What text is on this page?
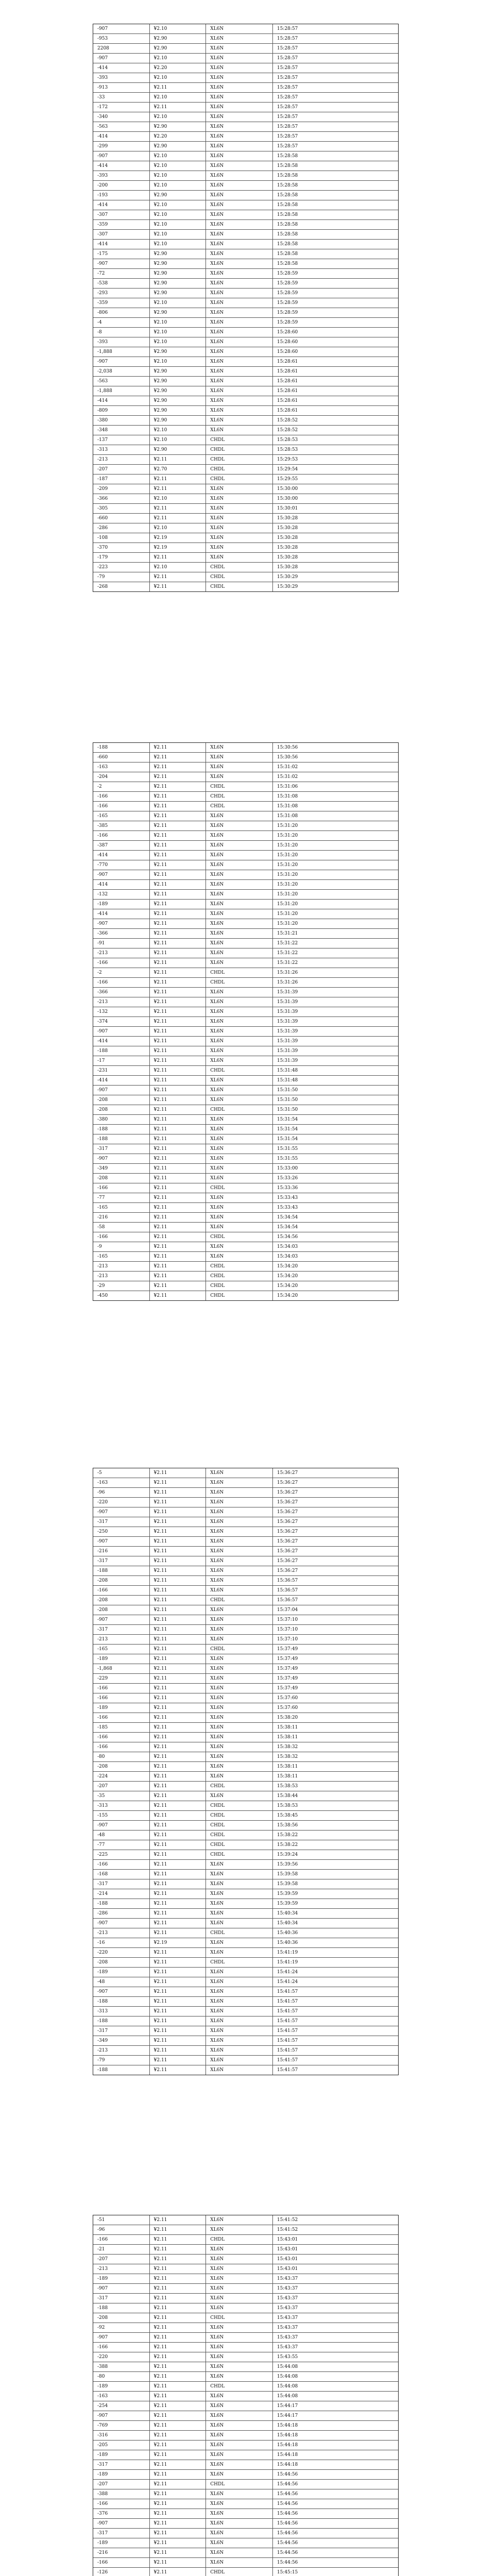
-907	¥2.10	XL6N	15:28:57
-953	¥2.90	XL6N	15:28:57
2208	¥2.90	XL6N	15:28:57
-907	¥2.10	XL6N	15:28:57
-414	¥2.20	XL6N	15:28:57
-393	¥2.10	XL6N	15:28:57
-913	¥2.11	XL6N	15:28:57
-33	¥2.10	XL6N	15:28:57
-172	¥2.11	XL6N	15:28:57
-340	¥2.10	XL6N	15:28:57
-563	¥2.90	XL6N	15:28:57
-414	¥2.20	XL6N	15:28:57
-299	¥2.90	XL6N	15:28:57
-907	¥2.10	XL6N	15:28:58
-414	¥2.10	XL6N	15:28:58
-393	¥2.10	XL6N	15:28:58
-200	¥2.10	XL6N	15:28:58
-193	¥2.90	XL6N	15:28:58
-414	¥2.10	XL6N	15:28:58
-307	¥2.10	XL6N	15:28:58
-359	¥2.10	XL6N	15:28:58
-307	¥2.10	XL6N	15:28:58
-414	¥2.10	XL6N	15:28:58
-175	¥2.90	XL6N	15:28:58
-907	¥2.90	XL6N	15:28:58
-72	¥2.90	XL6N	15:28:59
-538	¥2.90	XL6N	15:28:59
-293	¥2.90	XL6N	15:28:59
-359	¥2.10	XL6N	15:28:59
-806	¥2.90	XL6N	15:28:59
-4	¥2.10	XL6N	15:28:59
-8	¥2.10	XL6N	15:28:60
-393	¥2.10	XL6N	15:28:60
-1,888	¥2.90	XL6N	15:28:60
-907	¥2.10	XL6N	15:28:61
-2,038	¥2.90	XL6N	15:28:61
-563	¥2.90	XL6N	15:28:61
-1,888	¥2.90	XL6N	15:28:61
-414	¥2.90	XL6N	15:28:61
-809	¥2.90	XL6N	15:28:61
-380	¥2.90	XL6N	15:28:52
-348	¥2.10	XL6N	15:28:52
-137	¥2.10	CHDL	15:28:53
-313	¥2.90	CHDL	15:28:53
-213	¥2.11	CHDL	15:29:53
-207	¥2.70	CHDL	15:29:54
-187	¥2.11	CHDL	15:29:55
-209	¥2.11	XL6N	15:30:00
-366	¥2.10	XL6N	15:30:00
-305	¥2.11	XL6N	15:30:01
-660	¥2.11	XL6N	15:30:28
-286	¥2.10	XL6N	15:30:28
-108	¥2.19	XL6N	15:30:28
-370	¥2.19	XL6N	15:30:28
-179	¥2.11	XL6N	15:30:28
-223	¥2.10	CHDL	15:30:28
-79	¥2.11	CHDL	15:30:29
-268	¥2.11	CHDL	15:30:29
-188	¥2.11	XL6N	15:30:56
-660	¥2.11	XL6N	15:30:56
-163	¥2.11	XL6N	15:31:02
-204	¥2.11	XL6N	15:31:02
-2	¥2.11	CHDL	15:31:06
-166	¥2.11	CHDL	15:31:08
-166	¥2.11	CHDL	15:31:08
-165	¥2.11	XL6N	15:31:08
-385	¥2.11	XL6N	15:31:20
-166	¥2.11	XL6N	15:31:20
-387	¥2.11	XL6N	15:31:20
-414	¥2.11	XL6N	15:31:20
-770	¥2.11	XL6N	15:31:20
-907	¥2.11	XL6N	15:31:20
-414	¥2.11	XL6N	15:31:20
-132	¥2.11	XL6N	15:31:20
-189	¥2.11	XL6N	15:31:20
-414	¥2.11	XL6N	15:31:20
-907	¥2.11	XL6N	15:31:20
-366	¥2.11	XL6N	15:31:21
-91	¥2.11	XL6N	15:31:22
-213	¥2.11	XL6N	15:31:22
-166	¥2.11	XL6N	15:31:22
-2	¥2.11	CHDL	15:31:26
-166	¥2.11	CHDL	15:31:26
-366	¥2.11	XL6N	15:31:39
-213	¥2.11	XL6N	15:31:39
-132	¥2.11	XL6N	15:31:39
-374	¥2.11	XL6N	15:31:39
-907	¥2.11	XL6N	15:31:39
-414	¥2.11	XL6N	15:31:39
-188	¥2.11	XL6N	15:31:39
-17	¥2.11	XL6N	15:31:39
-231	¥2.11	CHDL	15:31:48
-414	¥2.11	XL6N	15:31:48
-907	¥2.11	XL6N	15:31:50
-208	¥2.11	XL6N	15:31:50
-208	¥2.11	CHDL	15:31:50
-380	¥2.11	XL6N	15:31:54
-188	¥2.11	XL6N	15:31:54
-188	¥2.11	XL6N	15:31:54
-317	¥2.11	XL6N	15:31:55
-907	¥2.11	XL6N	15:31:55
-349	¥2.11	XL6N	15:33:00
-208	¥2.11	XL6N	15:33:26
-166	¥2.11	CHDL	15:33:36
-77	¥2.11	XL6N	15:33:43
-165	¥2.11	XL6N	15:33:43
-216	¥2.11	XL6N	15:34:54
-58	¥2.11	XL6N	15:34:54
-166	¥2.11	CHDL	15:34:56
-9	¥2.11	XL6N	15:34:03
-165	¥2.11	XL6N	15:34:03
-213	¥2.11	CHDL	15:34:20
-213	¥2.11	CHDL	15:34:20
-29	¥2.11	CHDL	15:34:20
-450	¥2.11	CHDL	15:34:20
-5	¥2.11	XL6N	15:36:27
-163	¥2.11	XL6N	15:36:27
-96	¥2.11	XL6N	15:36:27
-220	¥2.11	XL6N	15:36:27
-907	¥2.11	XL6N	15:36:27
-317	¥2.11	XL6N	15:36:27
-250	¥2.11	XL6N	15:36:27
-907	¥2.11	XL6N	15:36:27
-216	¥2.11	XL6N	15:36:27
-317	¥2.11	XL6N	15:36:27
-188	¥2.11	XL6N	15:36:27
-208	¥2.11	XL6N	15:36:57
-166	¥2.11	XL6N	15:36:57
-208	¥2.11	CHDL	15:36:57
-208	¥2.11	XL6N	15:37:04
-907	¥2.11	XL6N	15:37:10
-317	¥2.11	XL6N	15:37:10
-213	¥2.11	XL6N	15:37:10
-165	¥2.11	CHDL	15:37:49
-189	¥2.11	XL6N	15:37:49
-1,868	¥2.11	XL6N	15:37:49
-229	¥2.11	XL6N	15:37:49
-166	¥2.11	XL6N	15:37:49
-166	¥2.11	XL6N	15:37:60
-189	¥2.11	XL6N	15:37:60
-166	¥2.11	XL6N	15:38:20
-185	¥2.11	XL6N	15:38:11
-166	¥2.11	XL6N	15:38:11
-166	¥2.11	XL6N	15:38:32
-80	¥2.11	XL6N	15:38:32
-208	¥2.11	XL6N	15:38:11
-224	¥2.11	XL6N	15:38:11
-207	¥2.11	CHDL	15:38:53
-35	¥2.11	XL6N	15:38:44
-313	¥2.11	CHDL	15:38:53
-155	¥2.11	CHDL	15:38:45
-907	¥2.11	CHDL	15:38:56
-48	¥2.11	CHDL	15:38:22
-77	¥2.11	CHDL	15:38:22
-225	¥2.11	CHDL	15:39:24
-166	¥2.11	XL6N	15:39:56
-168	¥2.11	XL6N	15:39:58
-317	¥2.11	XL6N	15:39:58
-214	¥2.11	XL6N	15:39:59
-188	¥2.11	XL6N	15:39:59
-286	¥2.11	XL6N	15:40:34
-907	¥2.11	XL6N	15:40:34
-213	¥2.11	CHDL	15:40:36
-16	¥2.19	XL6N	15:40:36
-220	¥2.11	XL6N	15:41:19
-208	¥2.11	CHDL	15:41:19
-189	¥2.11	XL6N	15:41:24
-48	¥2.11	XL6N	15:41:24
-907	¥2.11	XL6N	15:41:57
-188	¥2.11	XL6N	15:41:57
-313	¥2.11	XL6N	15:41:57
-188	¥2.11	XL6N	15:41:57
-317	¥2.11	XL6N	15:41:57
-349	¥2.11	XL6N	15:41:57
-213	¥2.11	XL6N	15:41:57
-79	¥2.11	XL6N	15:41:57
-188	¥2.11	XL6N	15:41:57
-51	¥2.11	XL6N	15:41:52
-96	¥2.11	XL6N	15:41:52
-166	¥2.11	CHDL	15:43:01
-21	¥2.11	XL6N	15:43:01
-207	¥2.11	XL6N	15:43:01
-213	¥2.11	XL6N	15:43:01
-189	¥2.11	XL6N	15:43:37
-907	¥2.11	XL6N	15:43:37
-317	¥2.11	XL6N	15:43:37
-188	¥2.11	XL6N	15:43:37
-208	¥2.11	CHDL	15:43:37
-92	¥2.11	XL6N	15:43:37
-907	¥2.11	XL6N	15:43:37
-166	¥2.11	XL6N	15:43:37
-220	¥2.11	XL6N	15:43:55
-388	¥2.11	XL6N	15:44:08
-80	¥2.11	XL6N	15:44:08
-189	¥2.11	CHDL	15:44:08
-163	¥2.11	XL6N	15:44:08
-254	¥2.11	XL6N	15:44:17
-907	¥2.11	XL6N	15:44:17
-769	¥2.11	XL6N	15:44:18
-316	¥2.11	XL6N	15:44:18
-205	¥2.11	XL6N	15:44:18
-189	¥2.11	XL6N	15:44:18
-317	¥2.11	XL6N	15:44:18
-189	¥2.11	XL6N	15:44:56
-207	¥2.11	CHDL	15:44:56
-388	¥2.11	XL6N	15:44:56
-166	¥2.11	XL6N	15:44:56
-376	¥2.11	XL6N	15:44:56
-907	¥2.11	XL6N	15:44:56
-317	¥2.11	XL6N	15:44:56
-189	¥2.11	XL6N	15:44:56
-216	¥2.11	XL6N	15:44:56
-166	¥2.11	XL6N	15:44:56
-126	¥2.11	CHDL	15:45:15
